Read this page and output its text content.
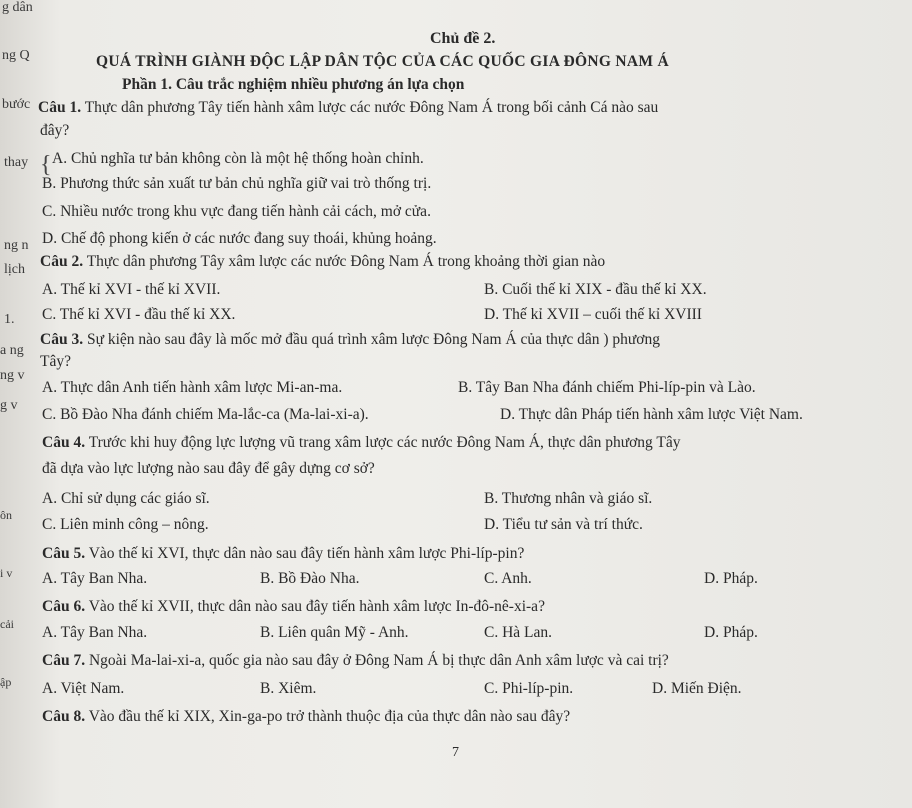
g dân
ng Q
bước
thay
ng n
lịch
1.
a ng
ng v
g v
ôn
i v
cải
ập
{
Chủ đề 2.
QUÁ TRÌNH GIÀNH ĐỘC LẬP DÂN TỘC CỦA CÁC QUỐC GIA ĐÔNG NAM Á
Phần 1. Câu trắc nghiệm nhiều phương án lựa chọn
Câu 1. Thực dân phương Tây tiến hành xâm lược các nước Đông Nam Á trong bối cảnh Cá nào sau
đây?
A. Chủ nghĩa tư bản không còn là một hệ thống hoàn chỉnh.
B. Phương thức sản xuất tư bản chủ nghĩa giữ vai trò thống trị.
C. Nhiều nước trong khu vực đang tiến hành cải cách, mở cửa.
D. Chế độ phong kiến ở các nước đang suy thoái, khủng hoảng.
Câu 2. Thực dân phương Tây xâm lược các nước Đông Nam Á trong khoảng thời gian nào
A. Thế kỉ XVI - thế kỉ XVII.	B. Cuối thế kỉ XIX - đầu thế kỉ XX.
C. Thế kỉ XVI - đầu thế kỉ XX.	D. Thế kỉ XVII – cuối thế kỉ XVIII
Câu 3. Sự kiện nào sau đây là mốc mở đầu quá trình xâm lược Đông Nam Á của thực dân ) phương
Tây?
A. Thực dân Anh tiến hành xâm lược Mi-an-ma.	B. Tây Ban Nha đánh chiếm Phi-líp-pin và Lào.
C. Bồ Đào Nha đánh chiếm Ma-lắc-ca (Ma-lai-xi-a).	D. Thực dân Pháp tiến hành xâm lược Việt Nam.
Câu 4. Trước khi huy động lực lượng vũ trang xâm lược các nước Đông Nam Á, thực dân phương Tây
đã dựa vào lực lượng nào sau đây để gây dựng cơ sở?
A. Chỉ sử dụng các giáo sĩ.	B. Thương nhân và giáo sĩ.
C. Liên minh công – nông.	D. Tiểu tư sản và trí thức.
Câu 5. Vào thế kỉ XVI, thực dân nào sau đây tiến hành xâm lược Phi-líp-pin?
A. Tây Ban Nha.	B. Bồ Đào Nha.	C. Anh.	D. Pháp.
Câu 6. Vào thế kỉ XVII, thực dân nào sau đây tiến hành xâm lược In-đô-nê-xi-a?
A. Tây Ban Nha.	B. Liên quân Mỹ - Anh.	C. Hà Lan.	D. Pháp.
Câu 7. Ngoài Ma-lai-xi-a, quốc gia nào sau đây ở Đông Nam Á bị thực dân Anh xâm lược và cai trị?
A. Việt Nam.	B. Xiêm.	C. Phi-líp-pin.	D. Miến Điện.
Câu 8. Vào đầu thế kỉ XIX, Xin-ga-po trở thành thuộc địa của thực dân nào sau đây?
7
